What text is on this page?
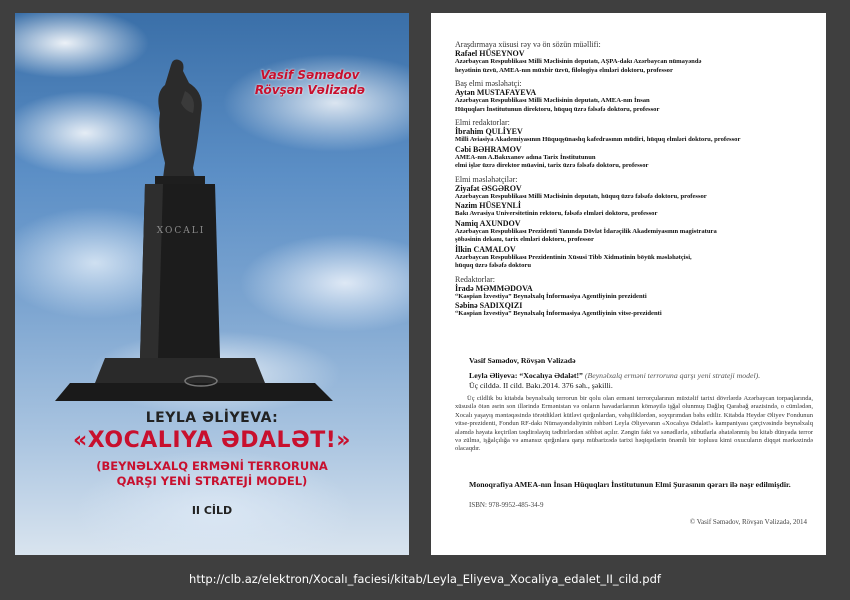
XOCALI
Vasif Səmədov
Rövşən Vəlizadə
LEYLA ƏLİYEVA:
«XOCALIYA ƏDALƏT!»
(BEYNƏLXALQ ERMƏNİ TERRORUNA
QARŞI YENİ STRATEJİ MODEL)
II CİLD
Araşdırmaya xüsusi rəy və ön sözün müəllifi:
Rafael HÜSEYNOV
Azərbaycan Respublikası Milli Məclisinin deputatı, AŞPA-dakı Azərbaycan nümayəndə
heyətinin üzvü, AMEA-nın müxbir üzvü, filologiya elmləri doktoru, professor
Baş elmi məsləhətçi:
Aytən MUSTAFAYEVA
Azərbaycan Respublikası Milli Məclisinin deputatı, AMEA-nın İnsan
Hüquqları İnstitutunun direktoru, hüquq üzrə fəlsəfə doktoru, professor
Elmi redaktorlar:
İbrahim QULİYEV
Milli Aviasiya Akademiyasının Hüquqşünaslıq kafedrasının müdiri, hüquq elmləri doktoru, professor
Cəbi BƏHRAMOV
AMEA-nın A.Bakıxanov adına Tarix İnstitutunun
elmi işlər üzrə direktor müavini, tarix üzrə fəlsəfə doktoru, professor
Elmi məsləhətçilər:
Ziyafət ƏSGƏROV
Azərbaycan Respublikası Milli Məclisinin deputatı, hüquq üzrə fəlsəfə doktoru, professor
Nazim HÜSEYNLİ
Bakı Avrasiya Universitetinin rektoru, fəlsəfə elmləri doktoru, professor
Namiq AXUNDOV
Azərbaycan Respublikası Prezidenti Yanında Dövlət İdarəçilik Akademiyasının magistratura
şöbəsinin dekanı, tarix elmləri doktoru, professor
İlkin CAMALOV
Azərbaycan Respublikası Prezidentinin Xüsusi Tibb Xidmətinin böyük məsləhətçisi,
hüquq üzrə fəlsəfə doktoru
Redaktorlar:
İradə MƏMMƏDOVA
“Kaspian İzvestiya” Beynəlxalq İnformasiya Agentliyinin prezidenti
Səbinə SADIXQIZI
“Kaspian İzvestiya” Beynəlxalq İnformasiya Agentliyinin vitse-prezidenti
Vasif Səmədov, Rövşən Vəlizadə
Leyla Əliyeva: “Xocalıya Ədalət!” (Beynəlxalq erməni terroruna qarşı yeni strateji model).
Üç cilddə. II cild. Bakı.2014. 376 səh., şəkilli.
Üç cildlik bu kitabda beynəlxalq terrorun bir qolu olan erməni terrorçularının müxtəlif tarixi dövrlərdə Azərbaycan torpaqlarında, xüsusilə ötən əsrin son illərində Ermənistan və onların havadarlarının köməyilə işğal olunmuş Dağlıq Qarabağ ərazisində, o cümlədən, Xocalı yaşayış məntəqəsində törətdikləri kütləvi qırğınlardan, vəhşiliklərdən, soyqırımdan bəhs edilir. Kitabda Heydər Əliyev Fondunun vitse-prezidenti, Fondun RF-dakı Nümayəndəliyinin rəhbəri Leyla Əliyevanın «Xocalıya Ədalət!» kampaniyası çərçivəsində beynəlxalq aləmdə həyata keçirilən təqdirəlayiq tədbirlərdən söhbət açılır. Zəngin fakt və sənədlərlə, sübutlarla əhatələnmiş bu kitab dünyada terror və zülmə, işğalçılığa və amansız qırğınlara qarşı mübarizədə tarixi həqiqətlərin önəmli bir toplusu kimi oxucuların diqqət mərkəzində olacaqdır.
Monoqrafiya AMEA-nın İnsan Hüquqları İnstitutunun Elmi Şurasının qərarı ilə nəşr edilmişdir.
ISBN: 978-9952-485-34-9
© Vasif Səmədov, Rövşən Vəlizadə, 2014
http://clb.az/elektron/Xocalı_faciesi/kitab/Leyla_Eliyeva_Xocaliya_edalet_II_cild.pdf
